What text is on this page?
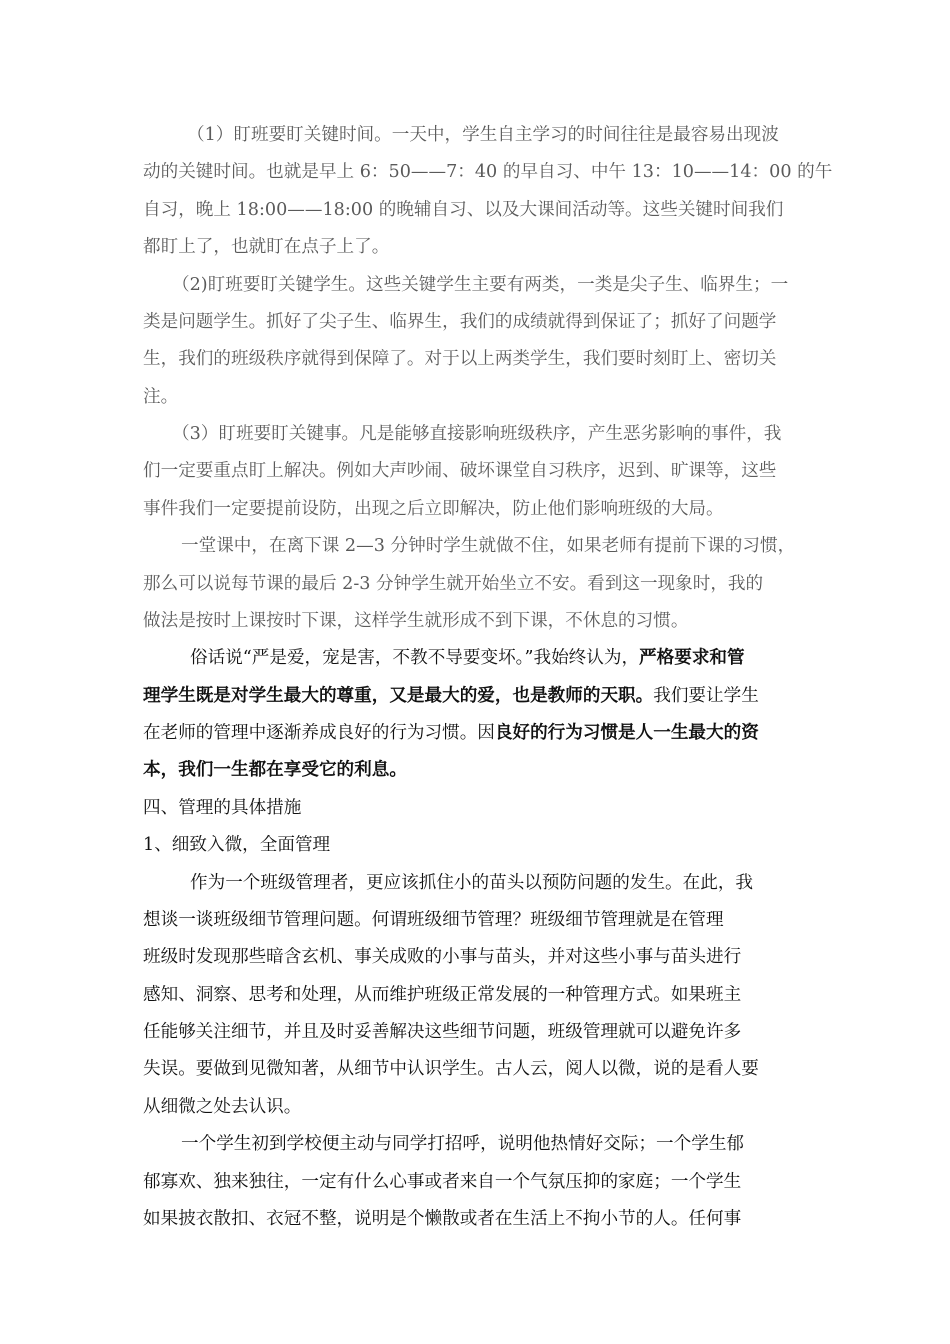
（1）盯班要盯关键时间。一天中，学生自主学习的时间往往是最容易出现波
动的关键时间。也就是早上 6：50——7：40 的早自习、中午 13：10——14：00 的午
自习，晚上 18:00——18:00 的晚辅自习、以及大课间活动等。这些关键时间我们
都盯上了，也就盯在点子上了。
（2)盯班要盯关键学生。这些关键学生主要有两类，一类是尖子生、临界生；一
类是问题学生。抓好了尖子生、临界生，我们的成绩就得到保证了；抓好了问题学
生，我们的班级秩序就得到保障了。对于以上两类学生，我们要时刻盯上、密切关
注。
（3）盯班要盯关键事。凡是能够直接影响班级秩序，产生恶劣影响的事件，我
们一定要重点盯上解决。例如大声吵闹、破坏课堂自习秩序，迟到、旷课等，这些
事件我们一定要提前设防，出现之后立即解决，防止他们影响班级的大局。
一堂课中，在离下课 2—3 分钟时学生就做不住，如果老师有提前下课的习惯，
那么可以说每节课的最后 2-3 分钟学生就开始坐立不安。看到这一现象时，我的
做法是按时上课按时下课，这样学生就形成不到下课，不休息的习惯。
俗话说“严是爱，宠是害，不教不导要变坏。”我始终认为，严格要求和管
理学生既是对学生最大的尊重，又是最大的爱，也是教师的天职。我们要让学生
在老师的管理中逐渐养成良好的行为习惯。因良好的行为习惯是人一生最大的资
本，我们一生都在享受它的利息。
四、管理的具体措施
1、细致入微，全面管理
作为一个班级管理者，更应该抓住小的苗头以预防问题的发生。在此，我
想谈一谈班级细节管理问题。何谓班级细节管理？班级细节管理就是在管理
班级时发现那些暗含玄机、事关成败的小事与苗头，并对这些小事与苗头进行
感知、洞察、思考和处理，从而维护班级正常发展的一种管理方式。如果班主
任能够关注细节，并且及时妥善解决这些细节问题，班级管理就可以避免许多
失误。要做到见微知著，从细节中认识学生。古人云，阅人以微，说的是看人要
从细微之处去认识。
一个学生初到学校便主动与同学打招呼，说明他热情好交际；一个学生郁
郁寡欢、独来独往，一定有什么心事或者来自一个气氛压抑的家庭；一个学生
如果披衣散扣、衣冠不整，说明是个懒散或者在生活上不拘小节的人。任何事
